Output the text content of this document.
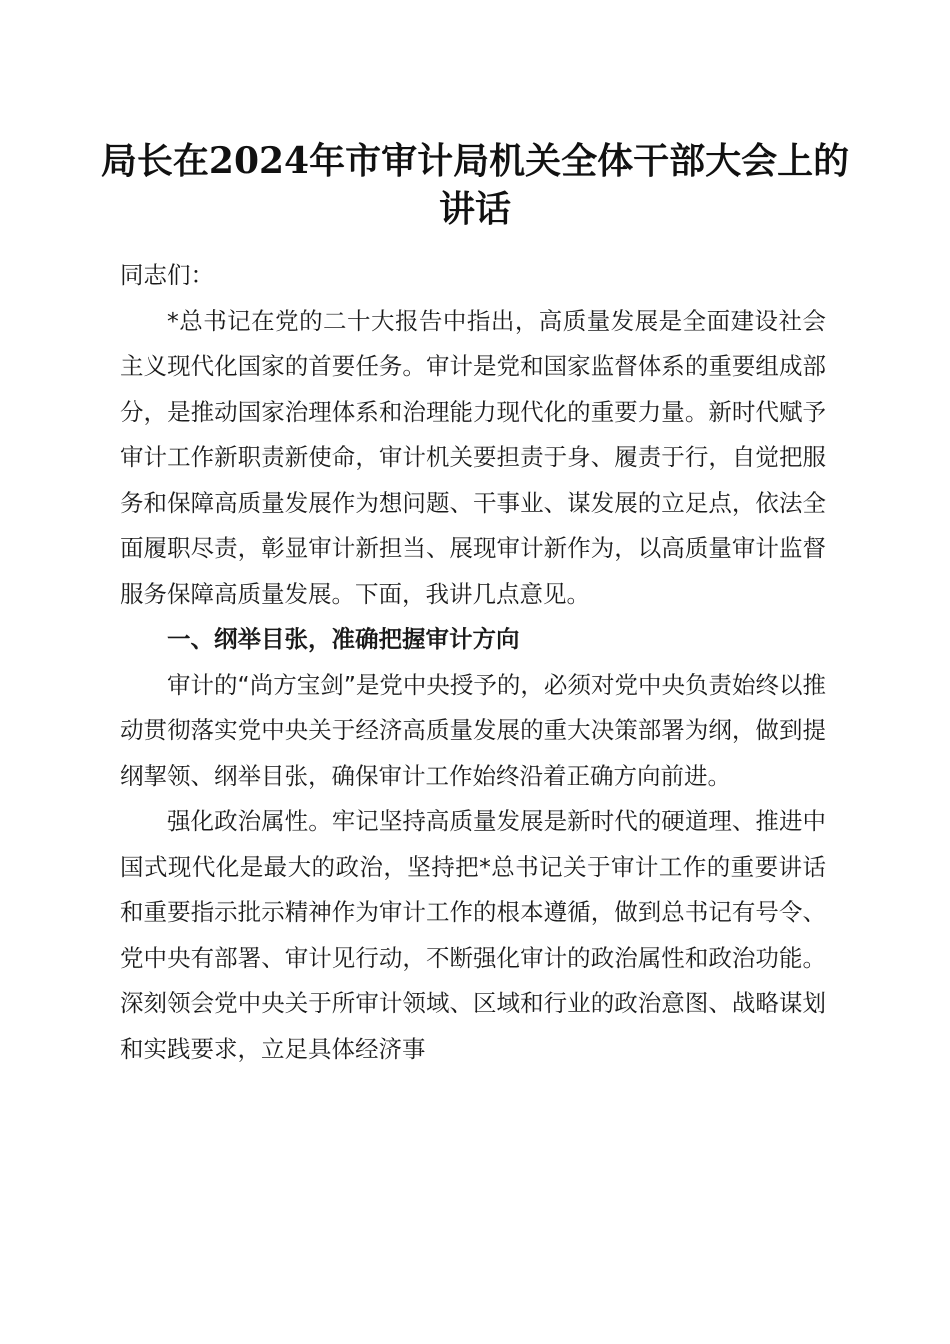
局长在2024年市审计局机关全体干部大会上的讲话

同志们：

*总书记在党的二十大报告中指出，高质量发展是全面建设社会主义现代化国家的首要任务。审计是党和国家监督体系的重要组成部分，是推动国家治理体系和治理能力现代化的重要力量。新时代赋予审计工作新职责新使命，审计机关要担责于身、履责于行，自觉把服务和保障高质量发展作为想问题、干事业、谋发展的立足点，依法全面履职尽责，彰显审计新担当、展现审计新作为，以高质量审计监督服务保障高质量发展。下面，我讲几点意见。

一、纲举目张，准确把握审计方向

审计的“尚方宝剑”是党中央授予的，必须对党中央负责始终以推动贯彻落实党中央关于经济高质量发展的重大决策部署为纲，做到提纲挈领、纲举目张，确保审计工作始终沿着正确方向前进。

强化政治属性。牢记坚持高质量发展是新时代的硬道理、推进中国式现代化是最大的政治，坚持把*总书记关于审计工作的重要讲话和重要指示批示精神作为审计工作的根本遵循，做到总书记有号令、党中央有部署、审计见行动，不断强化审计的政治属性和政治功能。深刻领会党中央关于所审计领域、区域和行业的政治意图、战略谋划和实践要求，立足具体经济事
